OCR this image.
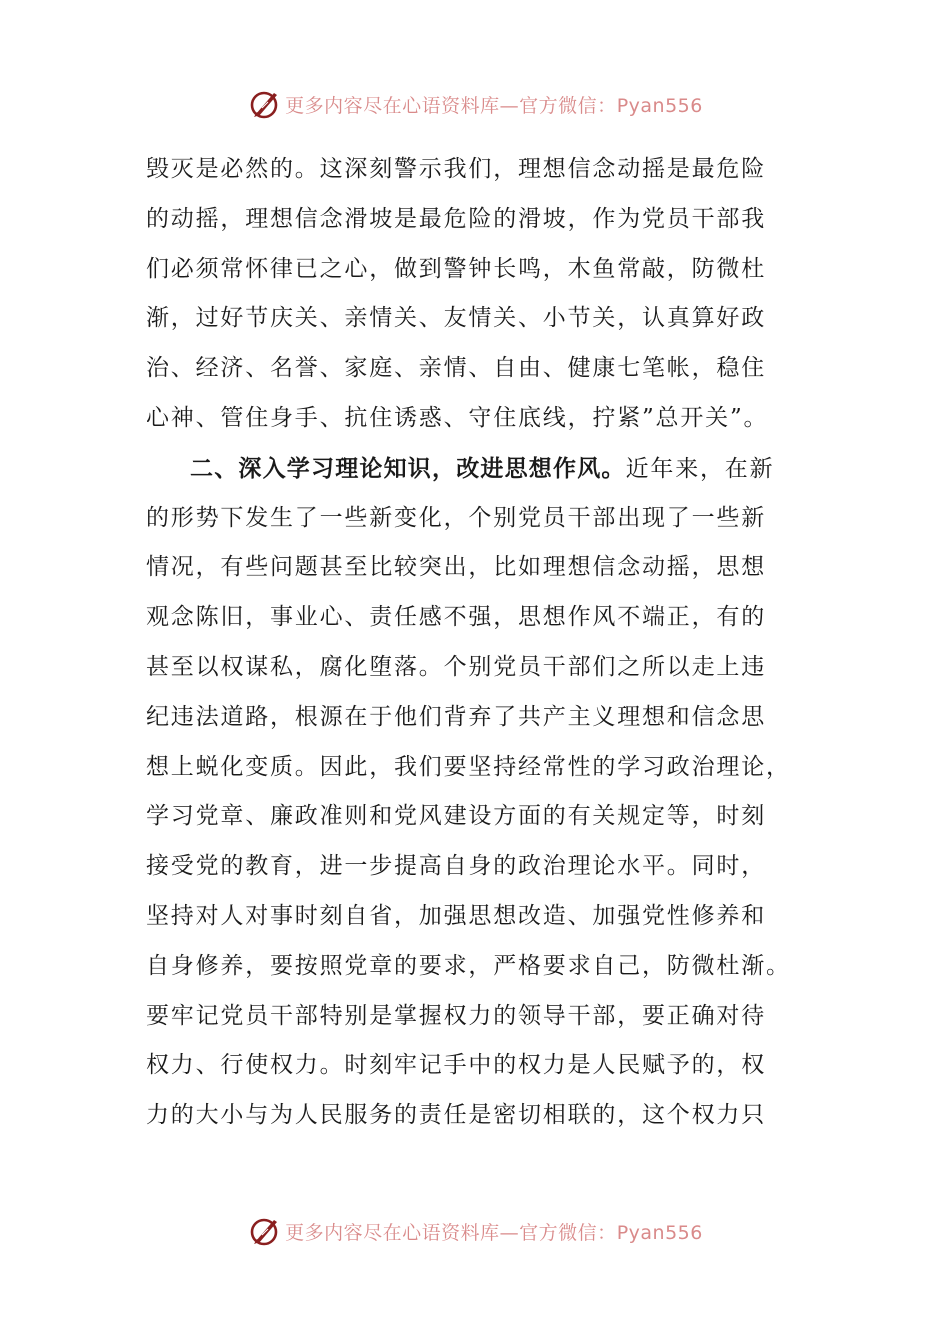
更多内容尽在心语资料库—官方微信：Pyan556
毁灭是必然的。这深刻警示我们，理想信念动摇是最危险
的动摇，理想信念滑坡是最危险的滑坡，作为党员干部我
们必须常怀律已之心，做到警钟长鸣，木鱼常敲，防微杜
渐，过好节庆关、亲情关、友情关、小节关，认真算好政
治、经济、名誉、家庭、亲情、自由、健康七笔帐，稳住
心神、管住身手、抗住诱惑、守住底线，拧紧”总开关”。
二、深入学习理论知识，改进思想作风。近年来，在新
的形势下发生了一些新变化，个别党员干部出现了一些新
情况，有些问题甚至比较突出，比如理想信念动摇，思想
观念陈旧，事业心、责任感不强，思想作风不端正，有的
甚至以权谋私，腐化堕落。个别党员干部们之所以走上违
纪违法道路，根源在于他们背弃了共产主义理想和信念思
想上蜕化变质。因此，我们要坚持经常性的学习政治理论，
学习党章、廉政准则和党风建设方面的有关规定等，时刻
接受党的教育，进一步提高自身的政治理论水平。同时，
坚持对人对事时刻自省，加强思想改造、加强党性修养和
自身修养，要按照党章的要求，严格要求自己，防微杜渐。
要牢记党员干部特别是掌握权力的领导干部，要正确对待
权力、行使权力。时刻牢记手中的权力是人民赋予的，权
力的大小与为人民服务的责任是密切相联的，这个权力只
更多内容尽在心语资料库—官方微信：Pyan556
